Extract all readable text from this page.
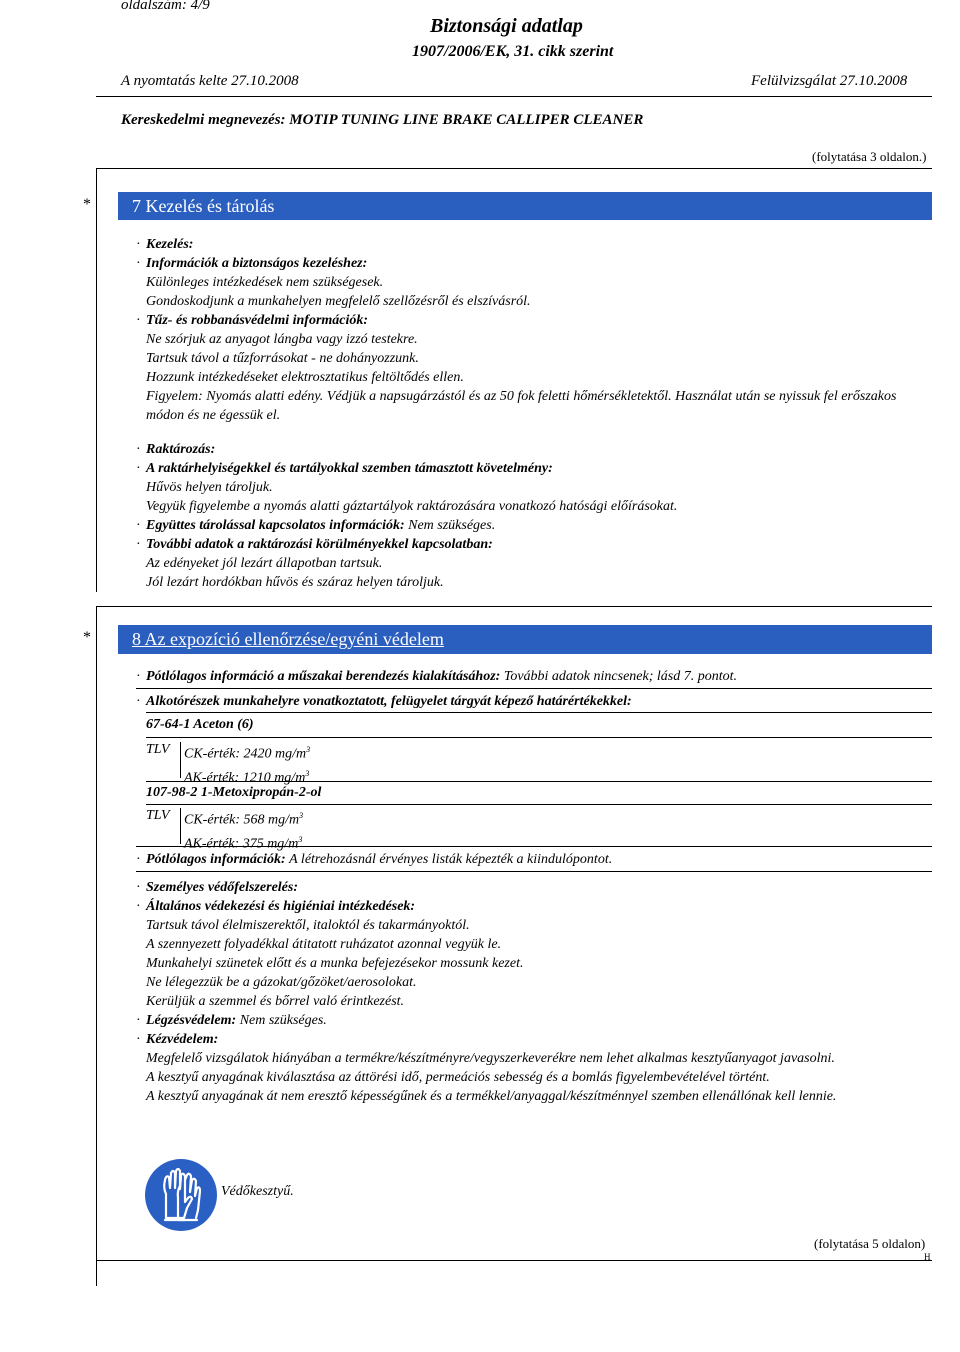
oldalszám: 4/9
Biztonsági adatlap
1907/2006/EK, 31. cikk szerint
A nyomtatás kelte 27.10.2008	Felülvizsgálat 27.10.2008
Kereskedelmi megnevezés: MOTIP TUNING LINE BRAKE CALLIPER CLEANER
(folytatása 3 oldalon.)
* 7 Kezelés és tárolás
· Kezelés:
· Információk a biztonságos kezeléshez:
Különleges intézkedések nem szükségesek.
Gondoskodjunk a munkahelyen megfelelő szellőzésről és elszívásról.
· Tűz- és robbanásvédelmi információk:
Ne szórjuk az anyagot lángba vagy izzó testekre.
Tartsuk távol a tűzforrásokat - ne dohányozzunk.
Hozzunk intézkedéseket elektrosztatikus feltöltődés ellen.
Figyelem: Nyomás alatti edény. Védjük a napsugárzástól és az 50 fok feletti hőmérsékletektől. Használat után se nyissuk fel erőszakos módon és ne égessük el.
· Raktározás:
· A raktárhelyiségekkel és tartályokkal szemben támasztott követelmény:
Hűvös helyen tároljuk.
Vegyük figyelembe a nyomás alatti gáztartályok raktározására vonatkozó hatósági előírásokat.
· Együttes tárolással kapcsolatos információk: Nem szükséges.
· További adatok a raktározási körülményekkel kapcsolatban:
Az edényeket jól lezárt állapotban tartsuk.
Jól lezárt hordókban hűvös és száraz helyen tároljuk.
* 8 Az expozíció ellenőrzése/egyéni védelem
· Pótlólagos információ a műszakai berendezés kialakításához: További adatok nincsenek; lásd 7. pontot.
· Alkotórészek munkahelyre vonatkoztatott, felügyelet tárgyát képező határértékekkel:
67-64-1 Aceton (6)
TLV CK-érték: 2420 $mg/m^3$
AK-érték: 1210 $mg/m^3$
107-98-2 1-Metoxipropán-2-ol
TLV CK-érték: 568 $mg/m^3$
AK-érték: 375 $mg/m^3$
· Pótlólagos információk: A létrehozásnál érvényes listák képezték a kiindulópontot.
· Személyes védőfelszerelés:
· Általános védekezési és higiéniai intézkedések:
Tartsuk távol élelmiszerektől, italoktól és takarmányoktól.
A szennyezett folyadékkal átitatott ruházatot azonnal vegyük le.
Munkahelyi szünetek előtt és a munka befejezésekor mossunk kezet.
Ne lélegezzük be a gázokat/gőzöket/aerosolokat.
Kerüljük a szemmel és bőrrel való érintkezést.
· Légzésvédelem: Nem szükséges.
· Kézvédelem:
Megfelelő vizsgálatok hiányában a termékre/készítményre/vegyszerkeverékre nem lehet alkalmas kesztyűanyagot javasolni.
A kesztyű anyagának kiválasztása az áttörési idő, permeációs sebesség és a bomlás figyelembevételével történt.
A kesztyű anyagának át nem eresztő képességűnek és a termékkel/anyaggal/készítménnyel szemben ellenállónak kell lennie.
Védőkesztyű.
(folytatása 5 oldalon)
H
